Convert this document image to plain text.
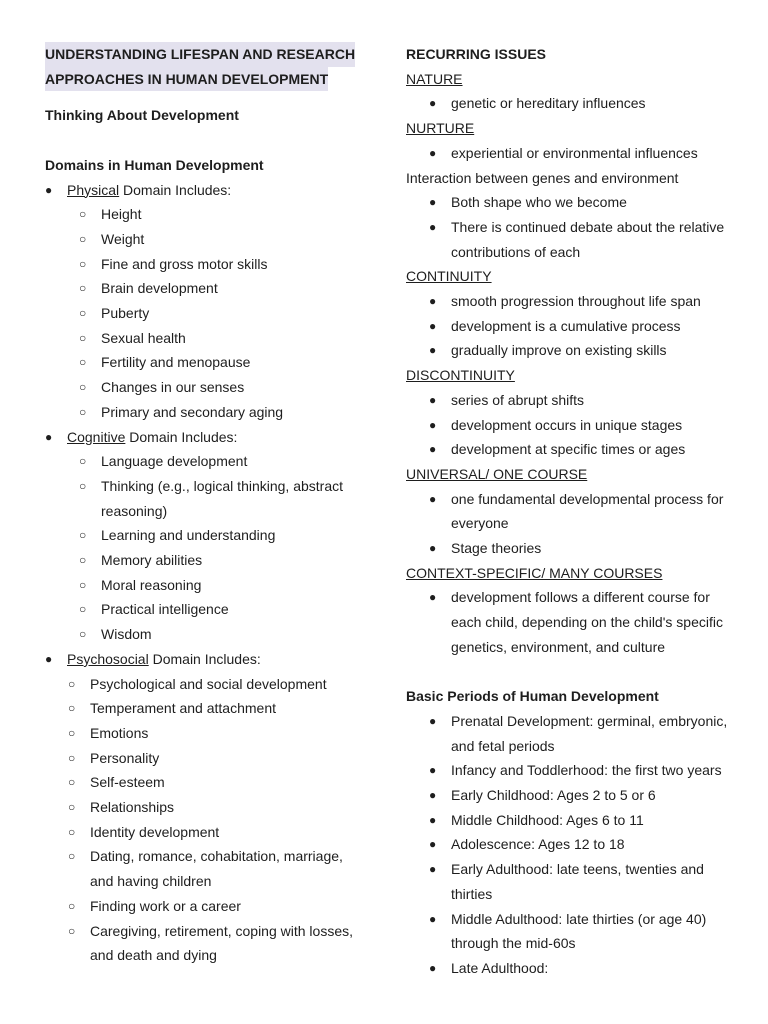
UNDERSTANDING LIFESPAN AND RESEARCH
APPROACHES IN HUMAN DEVELOPMENT
Thinking About Development
Domains in Human Development
● Physical Domain Includes:
○ Height
○ Weight
○ Fine and gross motor skills
○ Brain development
○ Puberty
○ Sexual health
○ Fertility and menopause
○ Changes in our senses
○ Primary and secondary aging
● Cognitive Domain Includes:
○ Language development
○ Thinking (e.g., logical thinking, abstract reasoning)
○ Learning and understanding
○ Memory abilities
○ Moral reasoning
○ Practical intelligence
○ Wisdom
● Psychosocial Domain Includes:
○ Psychological and social development
○ Temperament and attachment
○ Emotions
○ Personality
○ Self-esteem
○ Relationships
○ Identity development
○ Dating, romance, cohabitation, marriage, and having children
○ Finding work or a career
○ Caregiving, retirement, coping with losses, and death and dying
RECURRING ISSUES
NATURE
● genetic or hereditary influences
NURTURE
● experiential or environmental influences
Interaction between genes and environment
● Both shape who we become
● There is continued debate about the relative contributions of each
CONTINUITY
● smooth progression throughout life span
● development is a cumulative process
● gradually improve on existing skills
DISCONTINUITY
● series of abrupt shifts
● development occurs in unique stages
● development at specific times or ages
UNIVERSAL/ ONE COURSE
● one fundamental developmental process for everyone
● Stage theories
CONTEXT-SPECIFIC/ MANY COURSES
● development follows a different course for each child, depending on the child's specific genetics, environment, and culture
Basic Periods of Human Development
● Prenatal Development: germinal, embryonic, and fetal periods
● Infancy and Toddlerhood: the first two years
● Early Childhood: Ages 2 to 5 or 6
● Middle Childhood: Ages 6 to 11
● Adolescence: Ages 12 to 18
● Early Adulthood: late teens, twenties and thirties
● Middle Adulthood: late thirties (or age 40) through the mid-60s
● Late Adulthood:
